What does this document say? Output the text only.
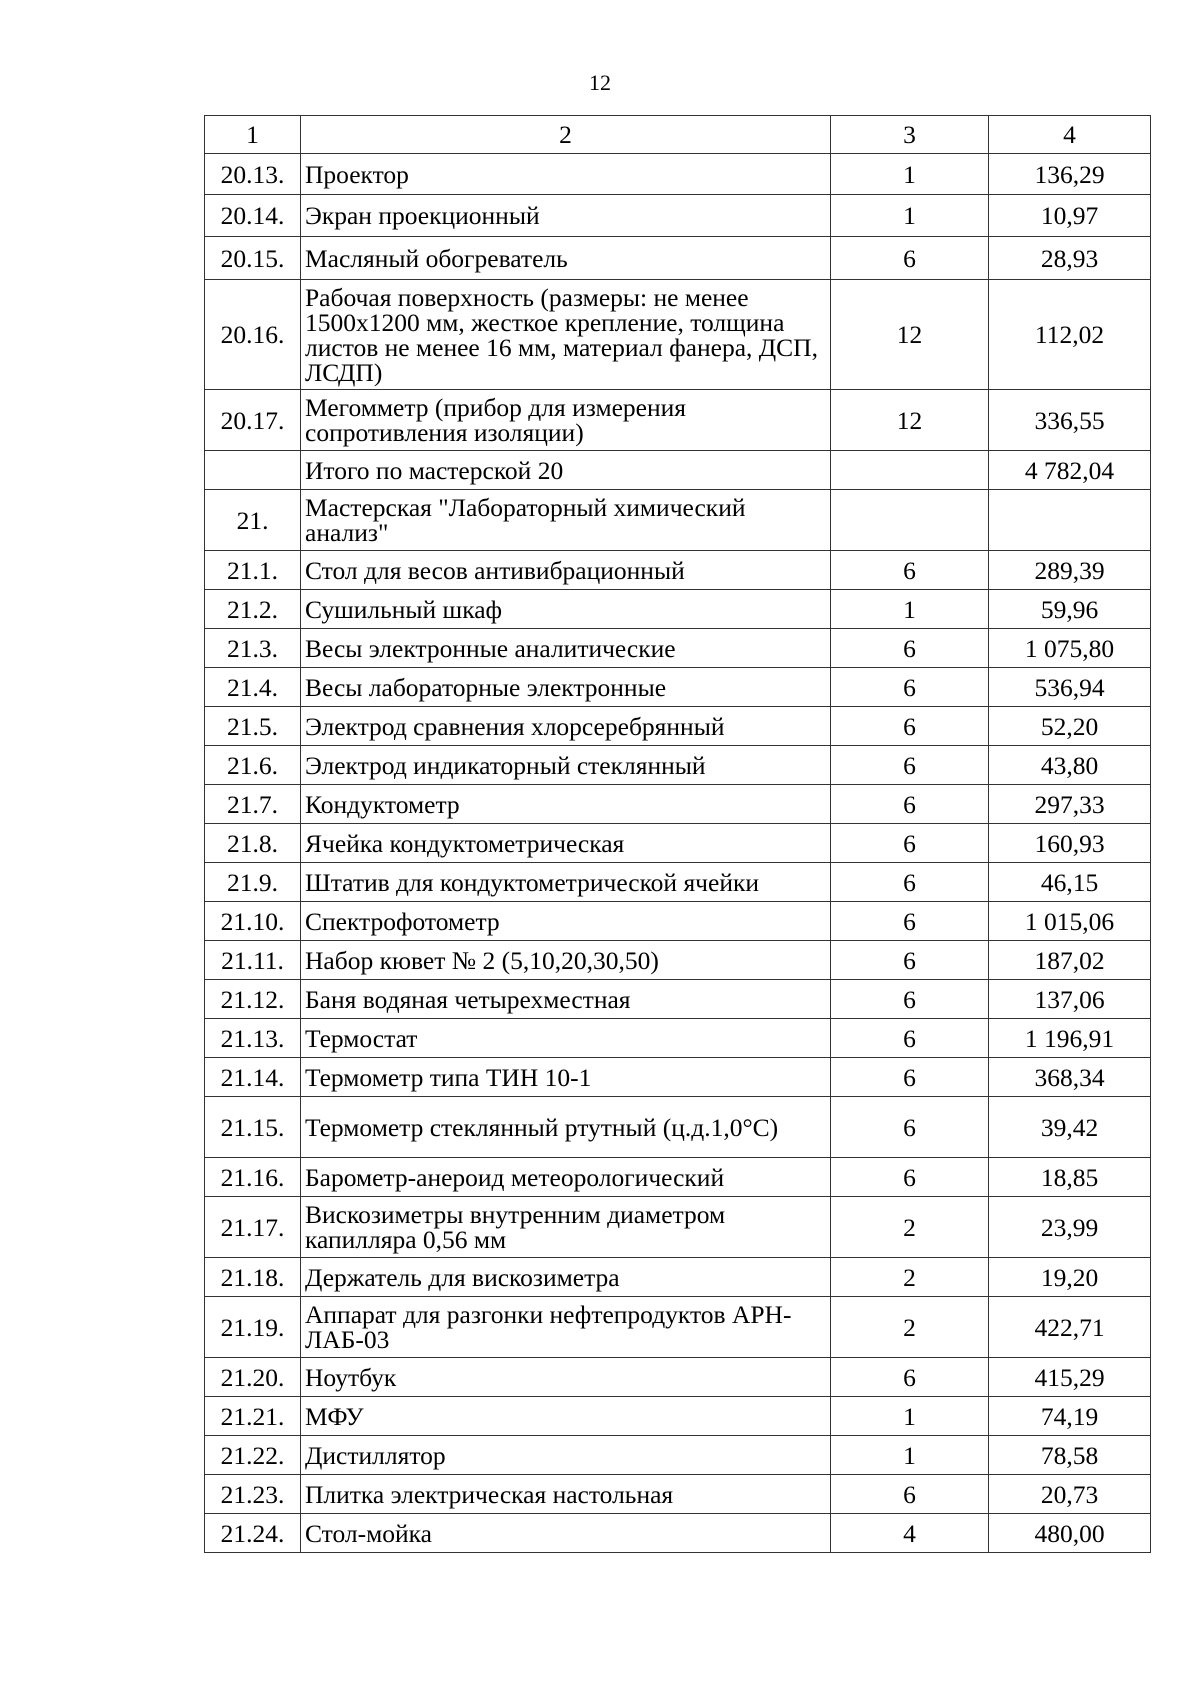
12
1	2	3	4
20.13.	Проектор	1	136,29
20.14.	Экран проекционный	1	10,97
20.15.	Масляный обогреватель	6	28,93
20.16.	Рабочая поверхность (размеры: не менее 1500х1200 мм, жесткое крепление, толщина листов не менее 16 мм, материал фанера, ДСП, ЛСДП)	12	112,02
20.17.	Мегомметр (прибор для измерения сопротивления изоляции)	12	336,55
	Итого по мастерской 20		4 782,04
21.	Мастерская "Лабораторный химический анализ"		
21.1.	Стол для весов антивибрационный	6	289,39
21.2.	Сушильный шкаф	1	59,96
21.3.	Весы электронные аналитические	6	1 075,80
21.4.	Весы лабораторные электронные	6	536,94
21.5.	Электрод сравнения хлорсеребрянный	6	52,20
21.6.	Электрод индикаторный стеклянный	6	43,80
21.7.	Кондуктометр	6	297,33
21.8.	Ячейка кондуктометрическая	6	160,93
21.9.	Штатив для кондуктометрической ячейки	6	46,15
21.10.	Спектрофотометр	6	1 015,06
21.11.	Набор кювет № 2 (5,10,20,30,50)	6	187,02
21.12.	Баня водяная четырехместная	6	137,06
21.13.	Термостат	6	1 196,91
21.14.	Термометр типа ТИН 10-1	6	368,34
21.15.	Термометр стеклянный ртутный (ц.д.1,0°С)	6	39,42
21.16.	Барометр-анероид метеорологический	6	18,85
21.17.	Вискозиметры внутренним диаметром капилляра 0,56 мм	2	23,99
21.18.	Держатель для вискозиметра	2	19,20
21.19.	Аппарат для разгонки нефтепродуктов АРН-ЛАБ-03	2	422,71
21.20.	Ноутбук	6	415,29
21.21.	МФУ	1	74,19
21.22.	Дистиллятор	1	78,58
21.23.	Плитка электрическая настольная	6	20,73
21.24.	Стол-мойка	4	480,00
